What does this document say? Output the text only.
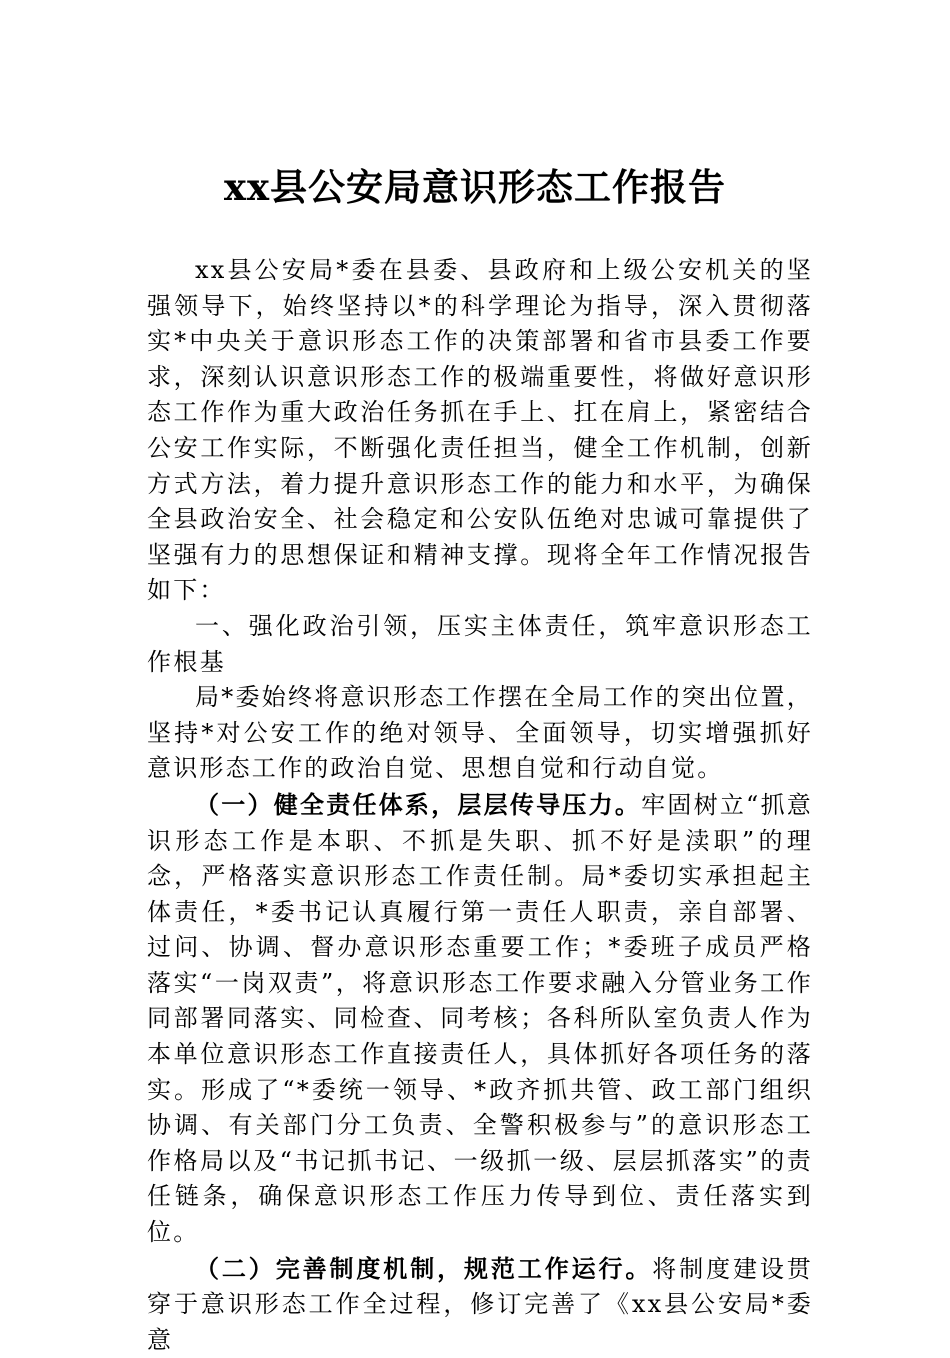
xx县公安局意识形态工作报告

xx县公安局*委在县委、县政府和上级公安机关的坚强领导下，始终坚持以*的科学理论为指导，深入贯彻落实*中央关于意识形态工作的决策部署和省市县委工作要求，深刻认识意识形态工作的极端重要性，将做好意识形态工作作为重大政治任务抓在手上、扛在肩上，紧密结合公安工作实际，不断强化责任担当，健全工作机制，创新方式方法，着力提升意识形态工作的能力和水平，为确保全县政治安全、社会稳定和公安队伍绝对忠诚可靠提供了坚强有力的思想保证和精神支撑。现将全年工作情况报告如下：

一、强化政治引领，压实主体责任，筑牢意识形态工作根基

局*委始终将意识形态工作摆在全局工作的突出位置，坚持*对公安工作的绝对领导、全面领导，切实增强抓好意识形态工作的政治自觉、思想自觉和行动自觉。

（一）健全责任体系，层层传导压力。牢固树立“抓意识形态工作是本职、不抓是失职、抓不好是渎职”的理念，严格落实意识形态工作责任制。局*委切实承担起主体责任，*委书记认真履行第一责任人职责，亲自部署、过问、协调、督办意识形态重要工作；*委班子成员严格落实“一岗双责”，将意识形态工作要求融入分管业务工作同部署同落实、同检查、同考核；各科所队室负责人作为本单位意识形态工作直接责任人，具体抓好各项任务的落实。形成了“*委统一领导、*政齐抓共管、政工部门组织协调、有关部门分工负责、全警积极参与”的意识形态工作格局以及“书记抓书记、一级抓一级、层层抓落实”的责任链条，确保意识形态工作压力传导到位、责任落实到位。

（二）完善制度机制，规范工作运行。将制度建设贯穿于意识形态工作全过程，修订完善了《xx县公安局*委意
